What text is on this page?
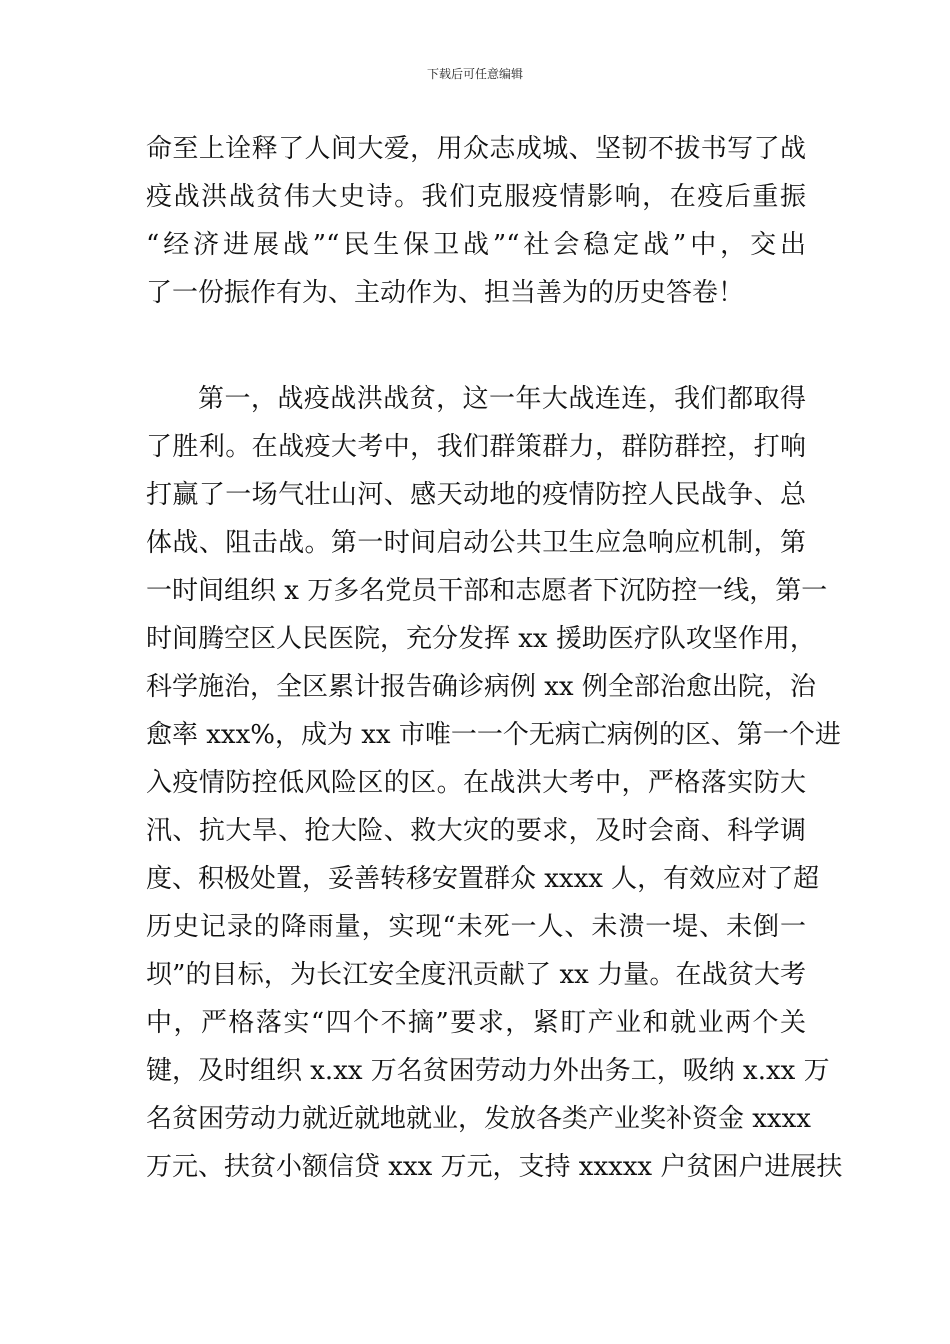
下载后可任意编辑
命至上诠释了人间大爱，用众志成城、坚韧不拔书写了战
疫战洪战贫伟大史诗。我们克服疫情影响，在疫后重振
“经济进展战”“民生保卫战”“社会稳定战”中，交出
了一份振作有为、主动作为、担当善为的历史答卷！
第一，战疫战洪战贫，这一年大战连连，我们都取得
了胜利。在战疫大考中，我们群策群力，群防群控，打响
打赢了一场气壮山河、感天动地的疫情防控人民战争、总
体战、阻击战。第一时间启动公共卫生应急响应机制，第
一时间组织 x 万多名党员干部和志愿者下沉防控一线，第一
时间腾空区人民医院，充分发挥 xx 援助医疗队攻坚作用，
科学施治，全区累计报告确诊病例 xx 例全部治愈出院，治
愈率 xxx%，成为 xx 市唯一一个无病亡病例的区、第一个进
入疫情防控低风险区的区。在战洪大考中，严格落实防大
汛、抗大旱、抢大险、救大灾的要求，及时会商、科学调
度、积极处置，妥善转移安置群众 xxxx 人，有效应对了超
历史记录的降雨量，实现“未死一人、未溃一堤、未倒一
坝”的目标，为长江安全度汛贡献了 xx 力量。在战贫大考
中，严格落实“四个不摘”要求，紧盯产业和就业两个关
键，及时组织 x.xx 万名贫困劳动力外出务工，吸纳 x.xx 万
名贫困劳动力就近就地就业，发放各类产业奖补资金 xxxx
万元、扶贫小额信贷 xxx 万元，支持 xxxxx 户贫困户进展扶
